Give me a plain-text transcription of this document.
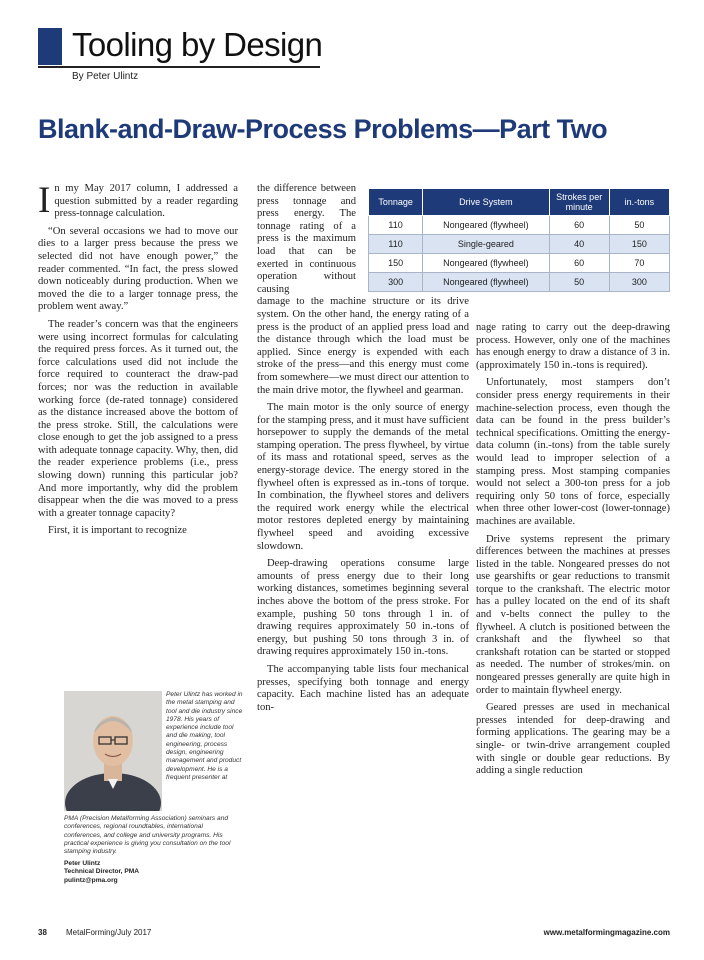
Tooling by Design
By Peter Ulintz
Blank-and-Draw-Process Problems—Part Two

In my May 2017 column, I addressed a question submitted by a reader regarding press-tonnage calculation.

“On several occasions we had to move our dies to a larger press because the press we selected did not have enough power,” the reader commented. “In fact, the press slowed down noticeably during production. When we moved the die to a larger tonnage press, the problem went away.”

The reader’s concern was that the engineers were using incorrect formulas for calculating the required press forces. As it turned out, the force calculations used did not include the force required to counteract the draw-pad forces; nor was the reduction in available working force (de-rated tonnage) considered as the distance increased above the bottom of the press stroke. Still, the calculations were close enough to get the job assigned to a press with adequate tonnage capacity. Why, then, did the reader experience problems (i.e., press slowing down) running this particular job? And more importantly, why did the problem disappear when the die was moved to a press with a greater tonnage capacity?

First, it is important to recognize

the difference between press tonnage and press energy. The tonnage rating of a press is the maximum load that can be exerted in continuous operation without causing

damage to the machine structure or its drive system. On the other hand, the energy rating of a press is the product of an applied press load and the distance through which the load must be applied. Since energy is expended with each stroke of the press—and this energy must come from somewhere—we must direct our attention to the main drive motor, the flywheel and gearman.

The main motor is the only source of energy for the stamping press, and it must have sufficient horsepower to supply the demands of the metal stamping operation. The press flywheel, by virtue of its mass and rotational speed, serves as the energy-storage device. The energy stored in the flywheel often is expressed as in.-tons of torque. In combination, the flywheel stores and delivers the required work energy while the electrical motor restores depleted energy by maintaining flywheel speed and avoiding excessive slowdown.

Deep-drawing operations consume large amounts of press energy due to their long working distances, sometimes beginning several inches above the bottom of the press stroke. For example, pushing 50 tons through 1 in. of drawing requires approximately 50 in.-tons of energy, but pushing 50 tons through 3 in. of drawing requires approximately 150 in.-tons.

The accompanying table lists four mechanical presses, specifying both tonnage and energy capacity. Each machine listed has an adequate ton-

Tonnage	Drive System	Strokes per minute	in.-tons
110	Nongeared (flywheel)	60	50
110	Single-geared	40	150
150	Nongeared (flywheel)	60	70
300	Nongeared (flywheel)	50	300

nage rating to carry out the deep-drawing process. However, only one of the machines has enough energy to draw a distance of 3 in. (approximately 150 in.-tons is required).

Unfortunately, most stampers don’t consider press energy requirements in their machine-selection process, even though the data can be found in the press builder’s technical specifications. Omitting the energy-data column (in.-tons) from the table surely would lead to improper selection of a stamping press. Most stamping companies would not select a 300-ton press for a job requiring only 50 tons of force, especially when three other lower-cost (lower-tonnage) machines are available.

Drive systems represent the primary differences between the machines at presses listed in the table. Nongeared presses do not use gearshifts or gear reductions to transmit torque to the crankshaft. The electric motor has a pulley located on the end of its shaft and v-belts connect the pulley to the flywheel. A clutch is positioned between the crankshaft and the flywheel so that crankshaft rotation can be started or stopped as needed. The number of strokes/min. on nongeared presses generally are quite high in order to maintain flywheel energy.

Geared presses are used in mechanical presses intended for deep-drawing and forming applications. The gearing may be a single- or twin-drive arrangement coupled with single or double gear reductions. By adding a single reduction

Peter Ulintz has worked in the metal stamping and tool and die industry since 1978. His years of experience include tool and die making, tool engineering, process design, engineering management and product development. He is a frequent presenter at
PMA (Precision Metalforming Association) seminars and conferences, regional roundtables, international conferences, and college and university programs. His practical experience is giving you consultation on the tool stamping industry.
Peter Ulintz
Technical Director, PMA
pulintz@pma.org
38 MetalForming/July 2017	www.metalformingmagazine.com
